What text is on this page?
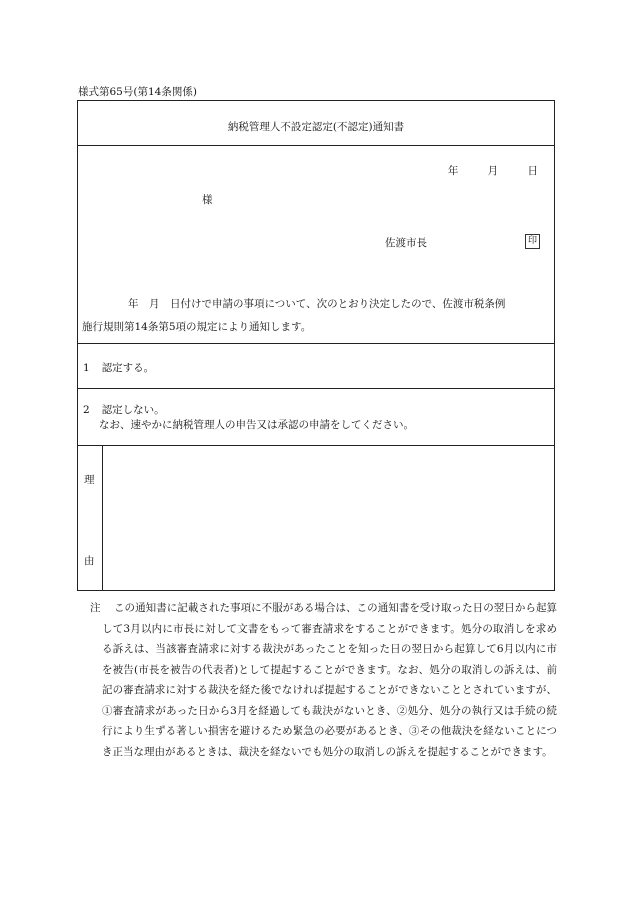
様式第65号(第14条関係)
納税管理人不設定認定(不認定)通知書
年	月	日
様
佐渡市長	印
年　月　日付けで申請の事項について、次のとおり決定したので、佐渡市税条例
施行規則第14条第5項の規定により通知します。
1 認定する。
2 認定しない。
なお、速やかに納税管理人の申告又は承認の申請をしてください。
理
由
注	この通知書に記載された事項に不服がある場合は、この通知書を受け取った日の翌日から起算して3月以内に市長に対して文書をもって審査請求をすることができます。処分の取消しを求める訴えは、当該審査請求に対する裁決があったことを知った日の翌日から起算して6月以内に市を被告(市長を被告の代表者)として提起することができます。なお、処分の取消しの訴えは、前記の審査請求に対する裁決を経た後でなければ提起することができないこととされていますが、①審査請求があった日から3月を経過しても裁決がないとき、②処分、処分の執行又は手続の続行により生ずる著しい損害を避けるため緊急の必要があるとき、③その他裁決を経ないことにつき正当な理由があるときは、裁決を経ないでも処分の取消しの訴えを提起することができます。
